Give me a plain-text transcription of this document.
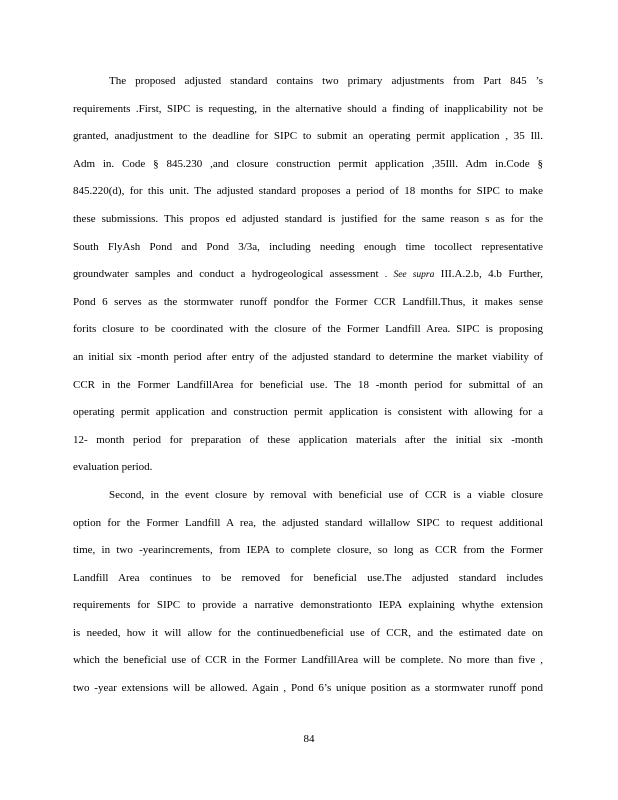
The proposed adjusted standard contains two primary adjustments from Part 845 ’s
requirements .First, SIPC is requesting, in the alternative should a finding of inapplicability not be
granted, anadjustment to the deadline for SIPC to submit an operating permit application , 35 Ill.
Adm in. Code § 845.230 ,and closure construction permit application ,35Ill. Adm in.Code §
845.220(d), for this unit. The adjusted standard proposes a period of 18 months for SIPC to make
these submissions. This propos ed adjusted standard is justified for the same reason s as for the
South FlyAsh Pond and Pond 3/3a, including needing enough time tocollect representative
groundwater samples and conduct a hydrogeological assessment . See supra III.A.2.b, 4.b Further,
Pond 6 serves as the stormwater runoff pondfor the Former CCR Landfill.Thus, it makes sense
forits closure to be coordinated with the closure of the Former Landfill Area. SIPC is proposing
an initial six -month period after entry of the adjusted standard to determine the market viability of
CCR in the Former LandfillArea for beneficial use. The 18 -month period for submittal of an
operating permit application and construction permit application is consistent with allowing for a
12- month period for preparation of these application materials after the initial six -month
evaluation period.
Second, in the event closure by removal with beneficial use of CCR is a viable closure
option for the Former Landfill A rea, the adjusted standard willallow SIPC to request additional
time, in two -yearincrements, from IEPA to complete closure, so long as CCR from the Former
Landfill Area continues to be removed for beneficial use.The adjusted standard includes
requirements for SIPC to provide a narrative demonstrationto IEPA explaining whythe extension
is needed, how it will allow for the continuedbeneficial use of CCR, and the estimated date on
which the beneficial use of CCR in the Former LandfillArea will be complete. No more than five ,
two -year extensions will be allowed. Again , Pond 6’s unique position as a stormwater runoff pond
84
